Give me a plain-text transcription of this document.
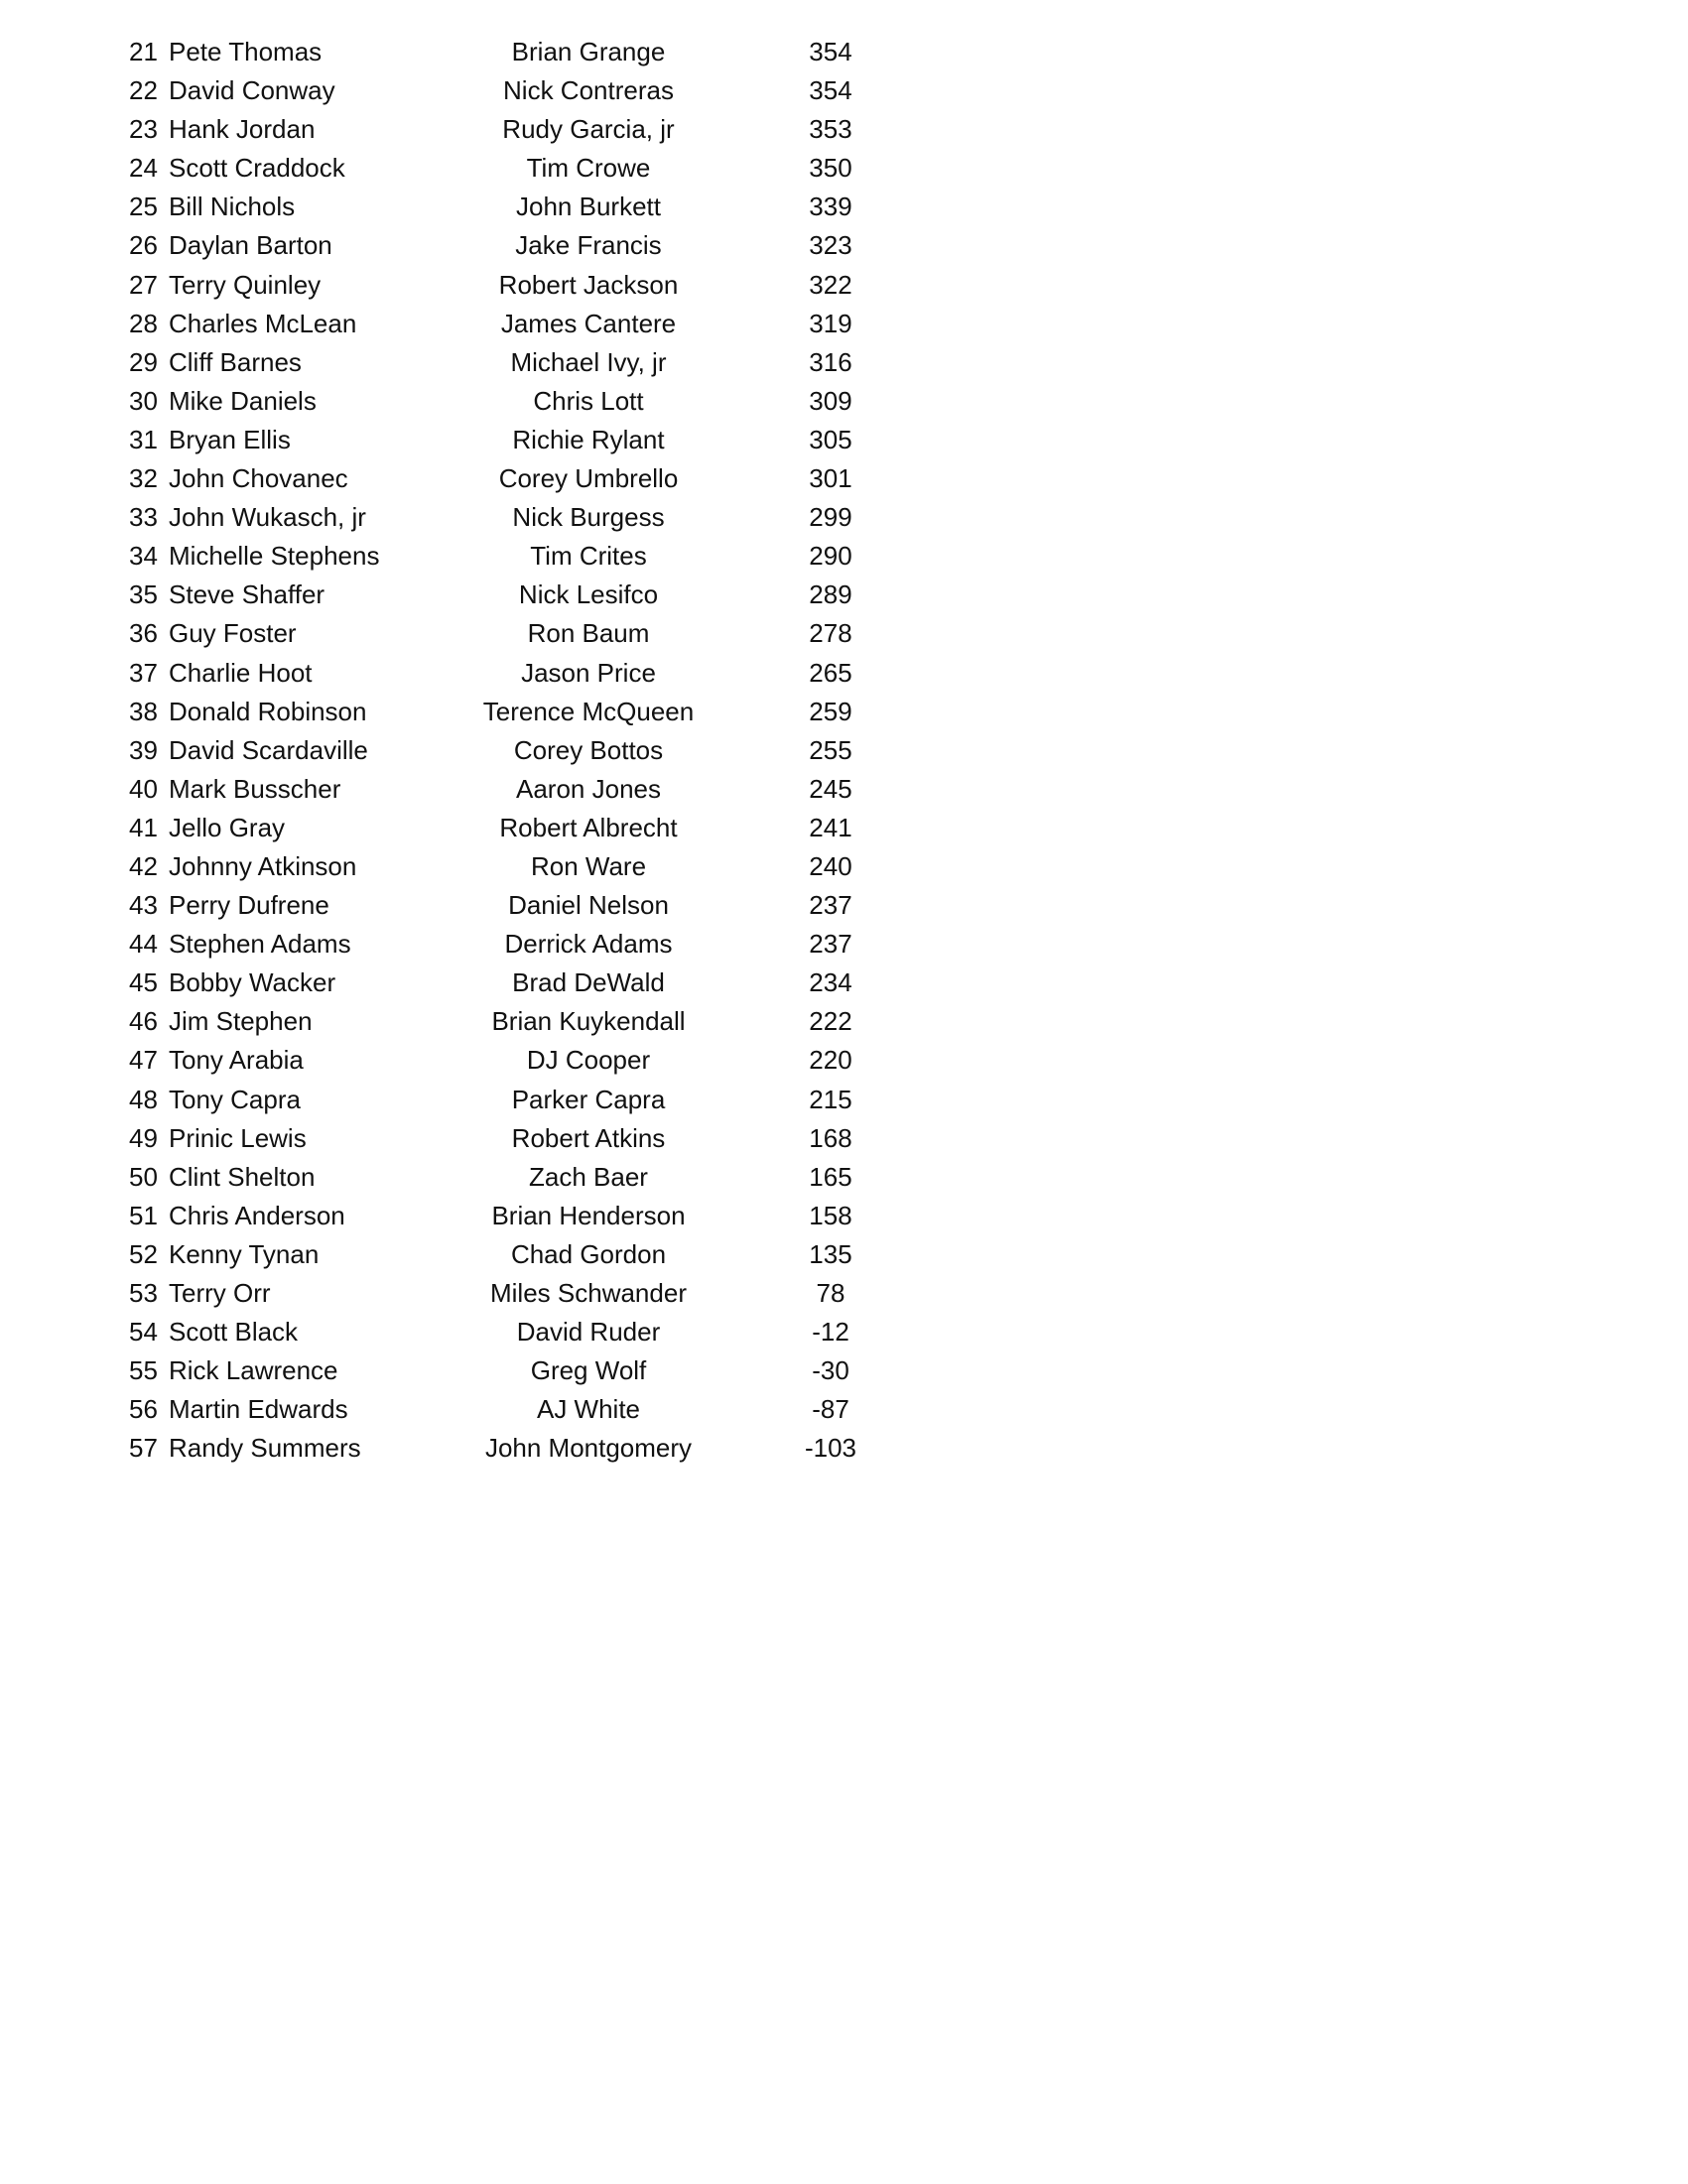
21 Pete Thomas	Brian Grange	354
22 David Conway	Nick Contreras	354
23 Hank Jordan	Rudy Garcia, jr	353
24 Scott Craddock	Tim Crowe	350
25 Bill Nichols	John Burkett	339
26 Daylan Barton	Jake Francis	323
27 Terry Quinley	Robert Jackson	322
28 Charles McLean	James Cantere	319
29 Cliff Barnes	Michael Ivy, jr	316
30 Mike Daniels	Chris Lott	309
31 Bryan Ellis	Richie Rylant	305
32 John Chovanec	Corey Umbrello	301
33 John Wukasch, jr	Nick Burgess	299
34 Michelle Stephens	Tim Crites	290
35 Steve Shaffer	Nick Lesifco	289
36 Guy Foster	Ron Baum	278
37 Charlie Hoot	Jason Price	265
38 Donald Robinson	Terence McQueen	259
39 David Scardaville	Corey Bottos	255
40 Mark Busscher	Aaron Jones	245
41 Jello Gray	Robert Albrecht	241
42 Johnny Atkinson	Ron Ware	240
43 Perry Dufrene	Daniel Nelson	237
44 Stephen Adams	Derrick Adams	237
45 Bobby Wacker	Brad DeWald	234
46 Jim Stephen	Brian Kuykendall	222
47 Tony Arabia	DJ Cooper	220
48 Tony Capra	Parker Capra	215
49 Prinic Lewis	Robert Atkins	168
50 Clint Shelton	Zach Baer	165
51 Chris Anderson	Brian Henderson	158
52 Kenny Tynan	Chad Gordon	135
53 Terry Orr	Miles Schwander	78
54 Scott Black	David Ruder	-12
55 Rick Lawrence	Greg Wolf	-30
56 Martin Edwards	AJ White	-87
57 Randy Summers	John Montgomery	-103
